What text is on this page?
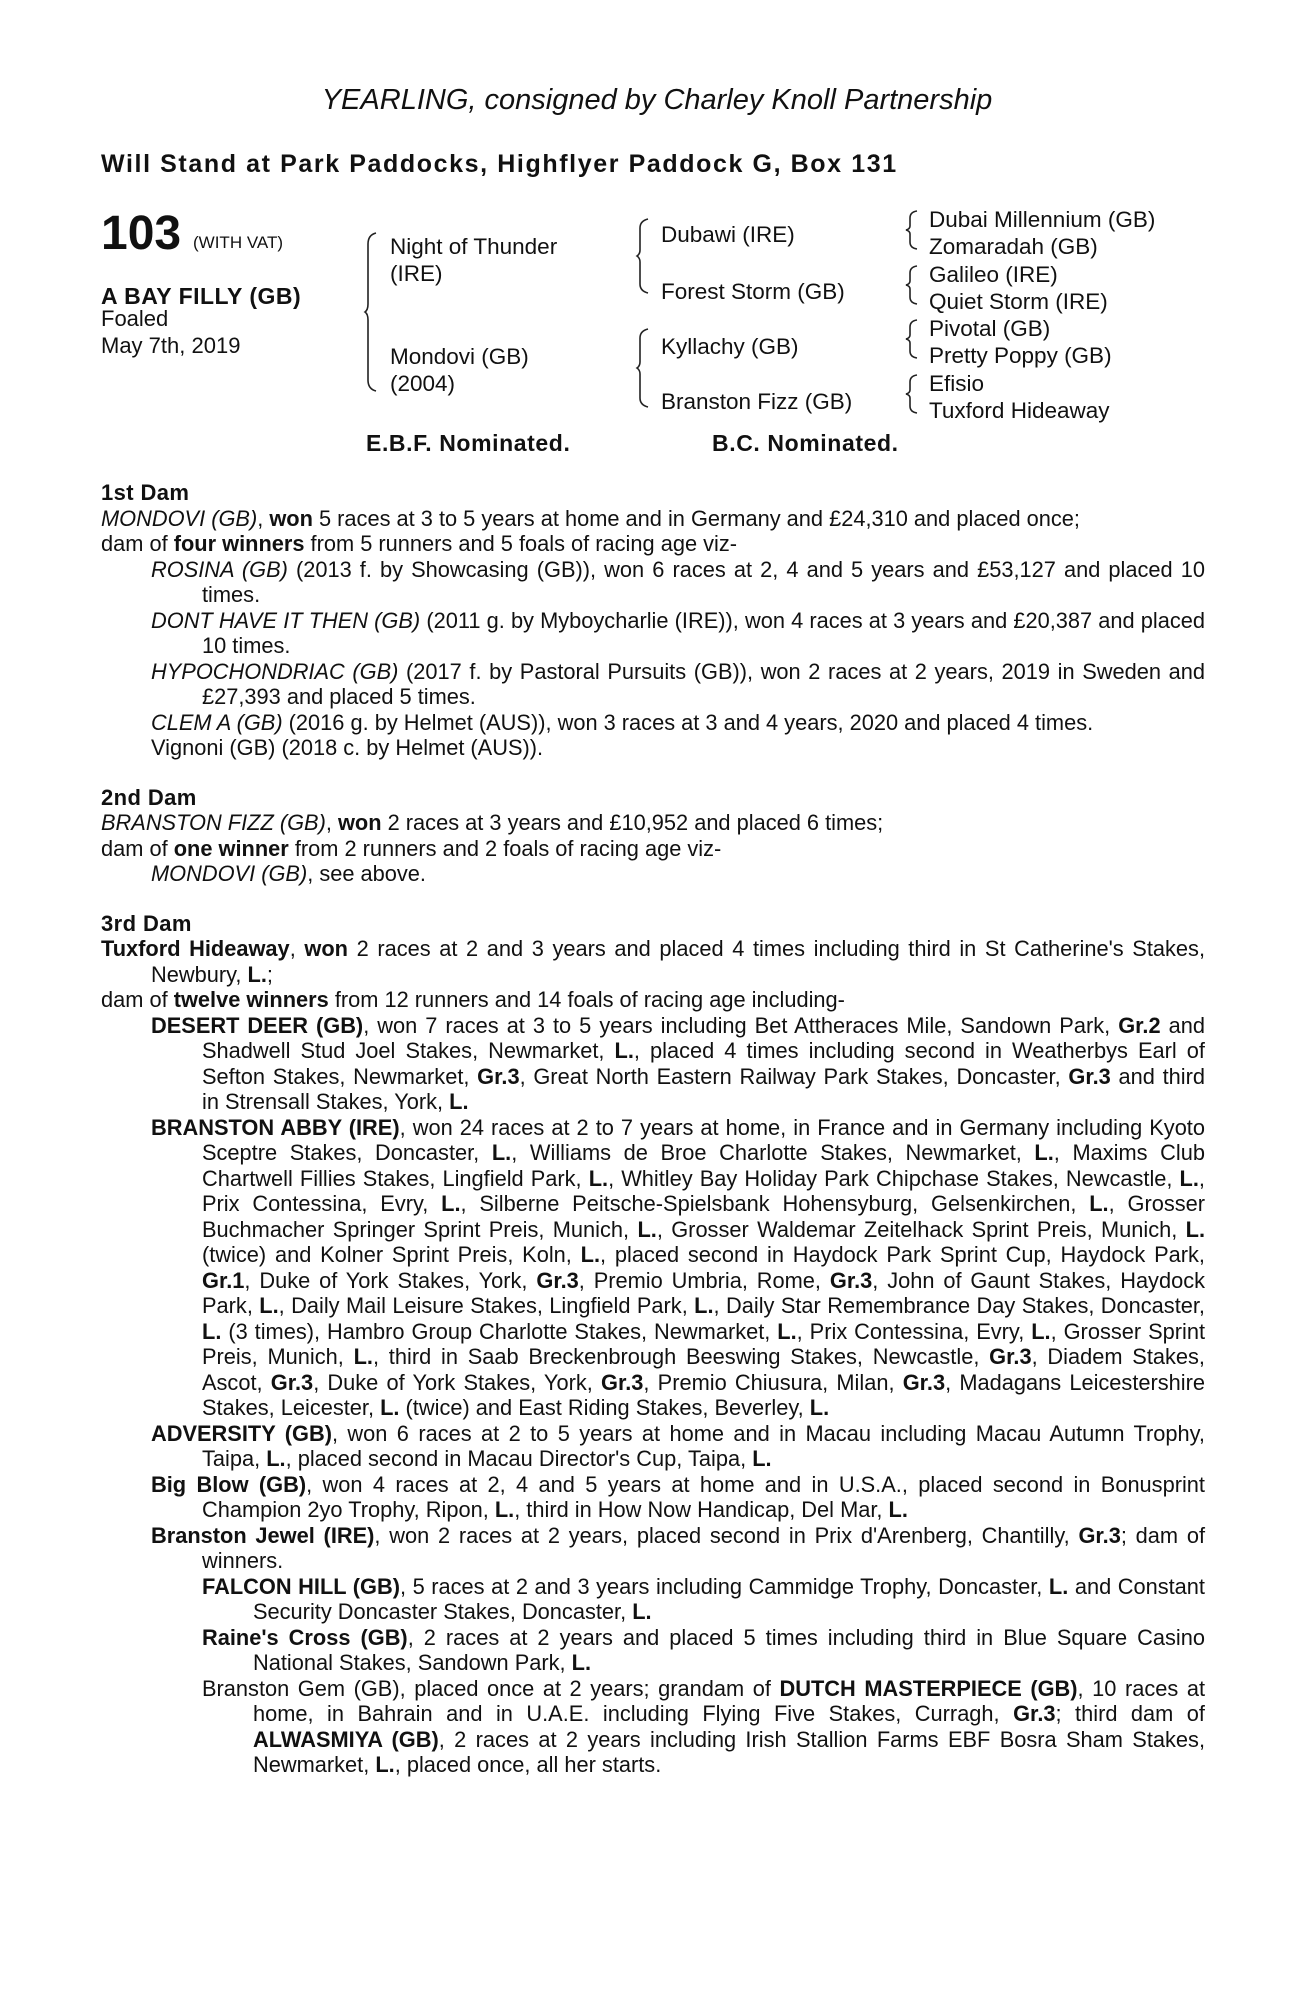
YEARLING, consigned by Charley Knoll Partnership
Will Stand at Park Paddocks, Highflyer Paddock G, Box 131
103 (WITH VAT)
A BAY FILLY (GB)
Foaled
May 7th, 2019
Night of Thunder
(IRE)
Mondovi (GB)
(2004)
Dubawi (IRE)
Forest Storm (GB)
Kyllachy (GB)
Branston Fizz (GB)
Dubai Millennium (GB)
Zomaradah (GB)
Galileo (IRE)
Quiet Storm (IRE)
Pivotal (GB)
Pretty Poppy (GB)
Efisio
Tuxford Hideaway
E.B.F. Nominated.	B.C. Nominated.
1st Dam
MONDOVI (GB), won 5 races at 3 to 5 years at home and in Germany and £24,310 and placed once;
dam of four winners from 5 runners and 5 foals of racing age viz-
ROSINA (GB) (2013 f. by Showcasing (GB)), won 6 races at 2, 4 and 5 years and £53,127 and placed 10 times.
DONT HAVE IT THEN (GB) (2011 g. by Myboycharlie (IRE)), won 4 races at 3 years and £20,387 and placed 10 times.
HYPOCHONDRIAC (GB) (2017 f. by Pastoral Pursuits (GB)), won 2 races at 2 years, 2019 in Sweden and £27,393 and placed 5 times.
CLEM A (GB) (2016 g. by Helmet (AUS)), won 3 races at 3 and 4 years, 2020 and placed 4 times.
Vignoni (GB) (2018 c. by Helmet (AUS)).
2nd Dam
BRANSTON FIZZ (GB), won 2 races at 3 years and £10,952 and placed 6 times;
dam of one winner from 2 runners and 2 foals of racing age viz-
MONDOVI (GB), see above.
3rd Dam
Tuxford Hideaway, won 2 races at 2 and 3 years and placed 4 times including third in St Catherine's Stakes, Newbury, L.;
dam of twelve winners from 12 runners and 14 foals of racing age including-
DESERT DEER (GB), won 7 races at 3 to 5 years including Bet Attheraces Mile, Sandown Park, Gr.2 and Shadwell Stud Joel Stakes, Newmarket, L., placed 4 times including second in Weatherbys Earl of Sefton Stakes, Newmarket, Gr.3, Great North Eastern Railway Park Stakes, Doncaster, Gr.3 and third in Strensall Stakes, York, L.
BRANSTON ABBY (IRE), won 24 races at 2 to 7 years at home, in France and in Germany including Kyoto Sceptre Stakes, Doncaster, L., Williams de Broe Charlotte Stakes, Newmarket, L., Maxims Club Chartwell Fillies Stakes, Lingfield Park, L., Whitley Bay Holiday Park Chipchase Stakes, Newcastle, L., Prix Contessina, Evry, L., Silberne Peitsche-Spielsbank Hohensyburg, Gelsenkirchen, L., Grosser Buchmacher Springer Sprint Preis, Munich, L., Grosser Waldemar Zeitelhack Sprint Preis, Munich, L. (twice) and Kolner Sprint Preis, Koln, L., placed second in Haydock Park Sprint Cup, Haydock Park, Gr.1, Duke of York Stakes, York, Gr.3, Premio Umbria, Rome, Gr.3, John of Gaunt Stakes, Haydock Park, L., Daily Mail Leisure Stakes, Lingfield Park, L., Daily Star Remembrance Day Stakes, Doncaster, L. (3 times), Hambro Group Charlotte Stakes, Newmarket, L., Prix Contessina, Evry, L., Grosser Sprint Preis, Munich, L., third in Saab Breckenbrough Beeswing Stakes, Newcastle, Gr.3, Diadem Stakes, Ascot, Gr.3, Duke of York Stakes, York, Gr.3, Premio Chiusura, Milan, Gr.3, Madagans Leicestershire Stakes, Leicester, L. (twice) and East Riding Stakes, Beverley, L.
ADVERSITY (GB), won 6 races at 2 to 5 years at home and in Macau including Macau Autumn Trophy, Taipa, L., placed second in Macau Director's Cup, Taipa, L.
Big Blow (GB), won 4 races at 2, 4 and 5 years at home and in U.S.A., placed second in Bonusprint Champion 2yo Trophy, Ripon, L., third in How Now Handicap, Del Mar, L.
Branston Jewel (IRE), won 2 races at 2 years, placed second in Prix d'Arenberg, Chantilly, Gr.3; dam of winners.
FALCON HILL (GB), 5 races at 2 and 3 years including Cammidge Trophy, Doncaster, L. and Constant Security Doncaster Stakes, Doncaster, L.
Raine's Cross (GB), 2 races at 2 years and placed 5 times including third in Blue Square Casino National Stakes, Sandown Park, L.
Branston Gem (GB), placed once at 2 years; grandam of DUTCH MASTERPIECE (GB), 10 races at home, in Bahrain and in U.A.E. including Flying Five Stakes, Curragh, Gr.3; third dam of ALWASMIYA (GB), 2 races at 2 years including Irish Stallion Farms EBF Bosra Sham Stakes, Newmarket, L., placed once, all her starts.
